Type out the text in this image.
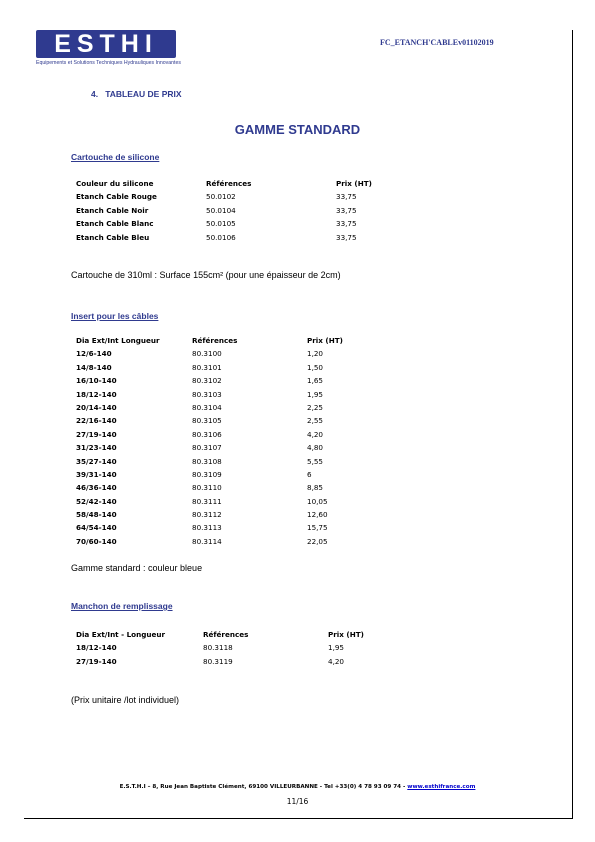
ESTHI
Equipements et Solutions Techniques Hydrauliques Innovantes
FC_ETANCH'CABLEv01102019
4. TABLEAU DE PRIX
GAMME STANDARD
Cartouche de silicone
Couleur du silicone	Références	Prix (HT)
Etanch Cable Rouge	50.0102	33,75
Etanch Cable Noir	50.0104	33,75
Etanch Cable Blanc	50.0105	33,75
Etanch Cable Bleu	50.0106	33,75
Cartouche de 310ml : Surface 155cm² (pour une épaisseur de 2cm)
Insert pour les câbles
Dia Ext/Int Longueur	Références	Prix (HT)
12/6-140	80.3100	1,20
14/8-140	80.3101	1,50
16/10-140	80.3102	1,65
18/12-140	80.3103	1,95
20/14-140	80.3104	2,25
22/16-140	80.3105	2,55
27/19-140	80.3106	4,20
31/23-140	80.3107	4,80
35/27-140	80.3108	5,55
39/31-140	80.3109	6
46/36-140	80.3110	8,85
52/42-140	80.3111	10,05
58/48-140	80.3112	12,60
64/54-140	80.3113	15,75
70/60-140	80.3114	22,05
Gamme standard : couleur bleue
Manchon de remplissage
Dia Ext/Int - Longueur	Références	Prix (HT)
18/12-140	80.3118	1,95
27/19-140	80.3119	4,20
(Prix unitaire /lot individuel)
E.S.T.H.I – 8, Rue Jean Baptiste Clément, 69100 VILLEURBANNE - Tel +33(0) 4 78 93 09 74 - www.esthifrance.com
11/16
